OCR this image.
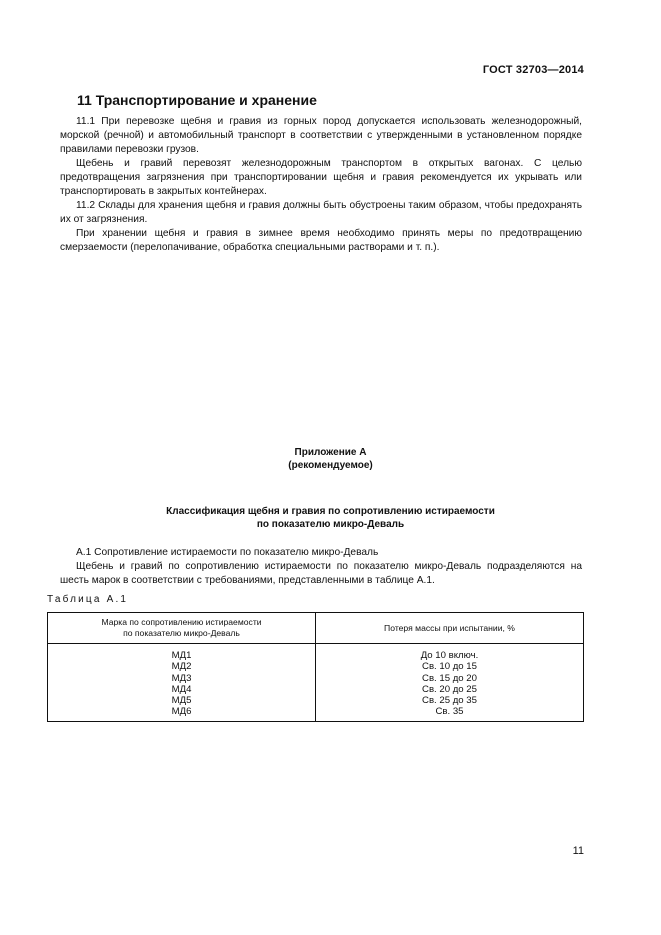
ГОСТ 32703—2014
11 Транспортирование и хранение

11.1 При перевозке щебня и гравия из горных пород допускается использовать железнодорожный, морской (речной) и автомобильный транспорт в соответствии с утвержденными в установленном порядке правилами перевозки грузов.

Щебень и гравий перевозят железнодорожным транспортом в открытых вагонах. С целью предотвращения загрязнения при транспортировании щебня и гравия рекомендуется их укрывать или транспортировать в закрытых контейнерах.

11.2 Склады для хранения щебня и гравия должны быть обустроены таким образом, чтобы предохранять их от загрязнения.

При хранении щебня и гравия в зимнее время необходимо принять меры по предотвращению смерзаемости (перелопачивание, обработка специальными растворами и т. п.).

Приложение А
(рекомендуемое)
Классификация щебня и гравия по сопротивлению истираемости
по показателю микро-Деваль

А.1 Сопротивление истираемости по показателю микро-Деваль

Щебень и гравий по сопротивлению истираемости по показателю микро-Деваль подразделяются на шесть марок в соответствии с требованиями, представленными в таблице А.1.

Таблица А.1
Марка по сопротивлению истираемости
по показателю микро-Деваль	Потеря массы при испытании, %
МД1	До 10 включ.
МД2	Св. 10 до 15
МД3	Св. 15 до 20
МД4	Св. 20 до 25
МД5	Св. 25 до 35
МД6	Св. 35
11
